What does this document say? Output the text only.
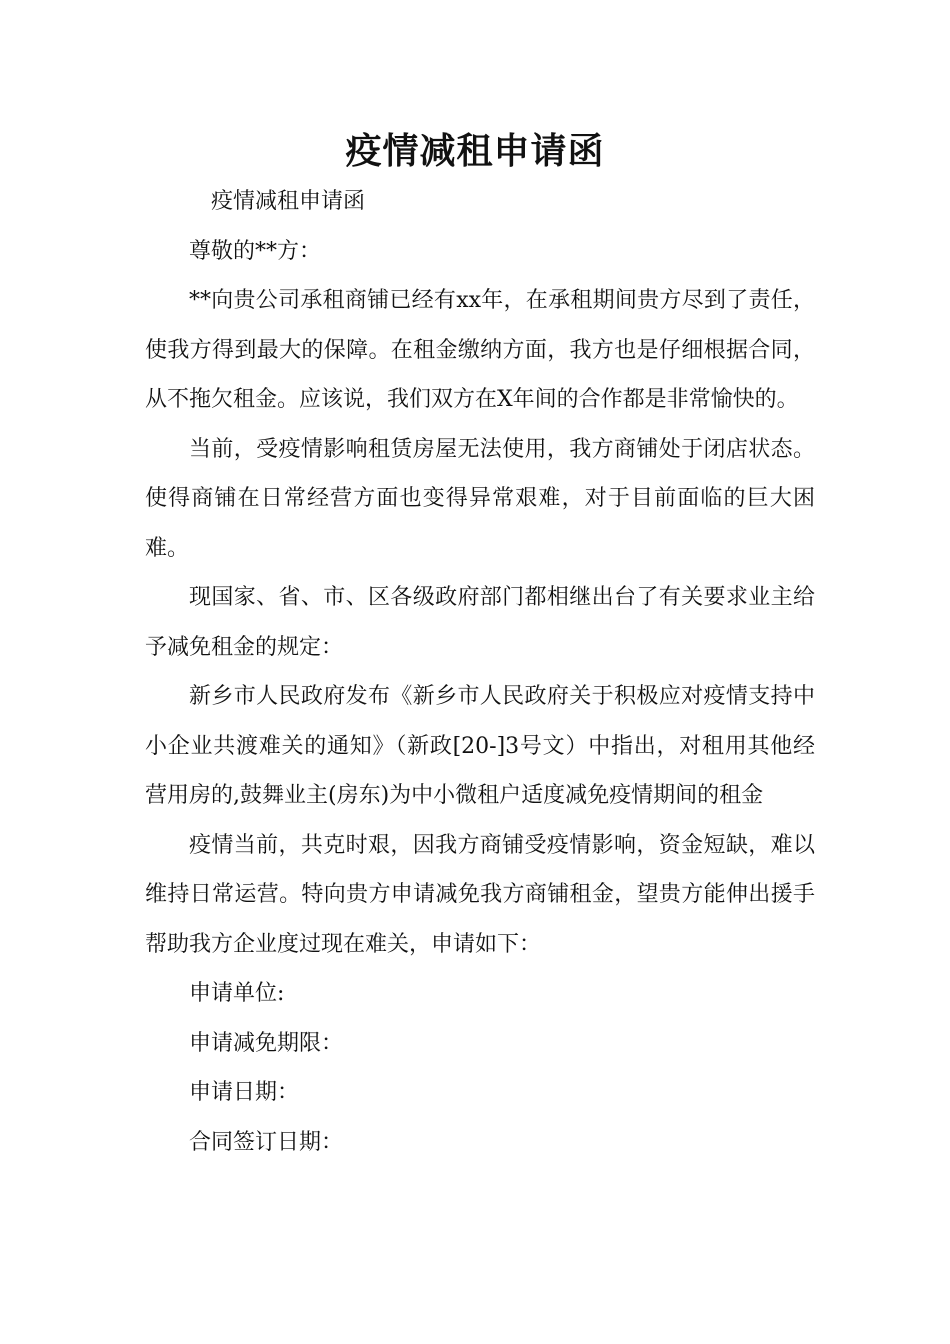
疫情减租申请函

疫情减租申请函

尊敬的**方：

**向贵公司承租商铺已经有xx年，在承租期间贵方尽到了责任，使我方得到最大的保障。在租金缴纳方面，我方也是仔细根据合同，从不拖欠租金。应该说，我们双方在X年间的合作都是非常愉快的。

当前，受疫情影响租赁房屋无法使用，我方商铺处于闭店状态。使得商铺在日常经营方面也变得异常艰难，对于目前面临的巨大困难。

现国家、省、市、区各级政府部门都相继出台了有关要求业主给予减免租金的规定：

新乡市人民政府发布《新乡市人民政府关于积极应对疫情支持中小企业共渡难关的通知》（新政[20-]3号文）中指出，对租用其他经营用房的,鼓舞业主(房东)为中小微租户适度减免疫情期间的租金

疫情当前，共克时艰，因我方商铺受疫情影响，资金短缺，难以维持日常运营。特向贵方申请减免我方商铺租金，望贵方能伸出援手帮助我方企业度过现在难关，申请如下：

申请单位:

申请减免期限：

申请日期：

合同签订日期：
